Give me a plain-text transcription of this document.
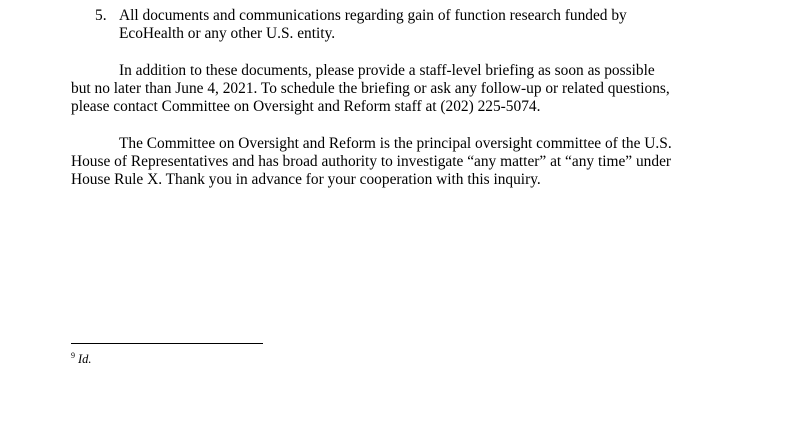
5. All documents and communications regarding gain of function research funded by
EcoHealth or any other U.S. entity.
In addition to these documents, please provide a staff-level briefing as soon as possible
but no later than June 4, 2021. To schedule the briefing or ask any follow-up or related questions,
please contact Committee on Oversight and Reform staff at (202) 225-5074.
The Committee on Oversight and Reform is the principal oversight committee of the U.S.
House of Representatives and has broad authority to investigate “any matter” at “any time” under
House Rule X. Thank you in advance for your cooperation with this inquiry.
$^9$ Id.
